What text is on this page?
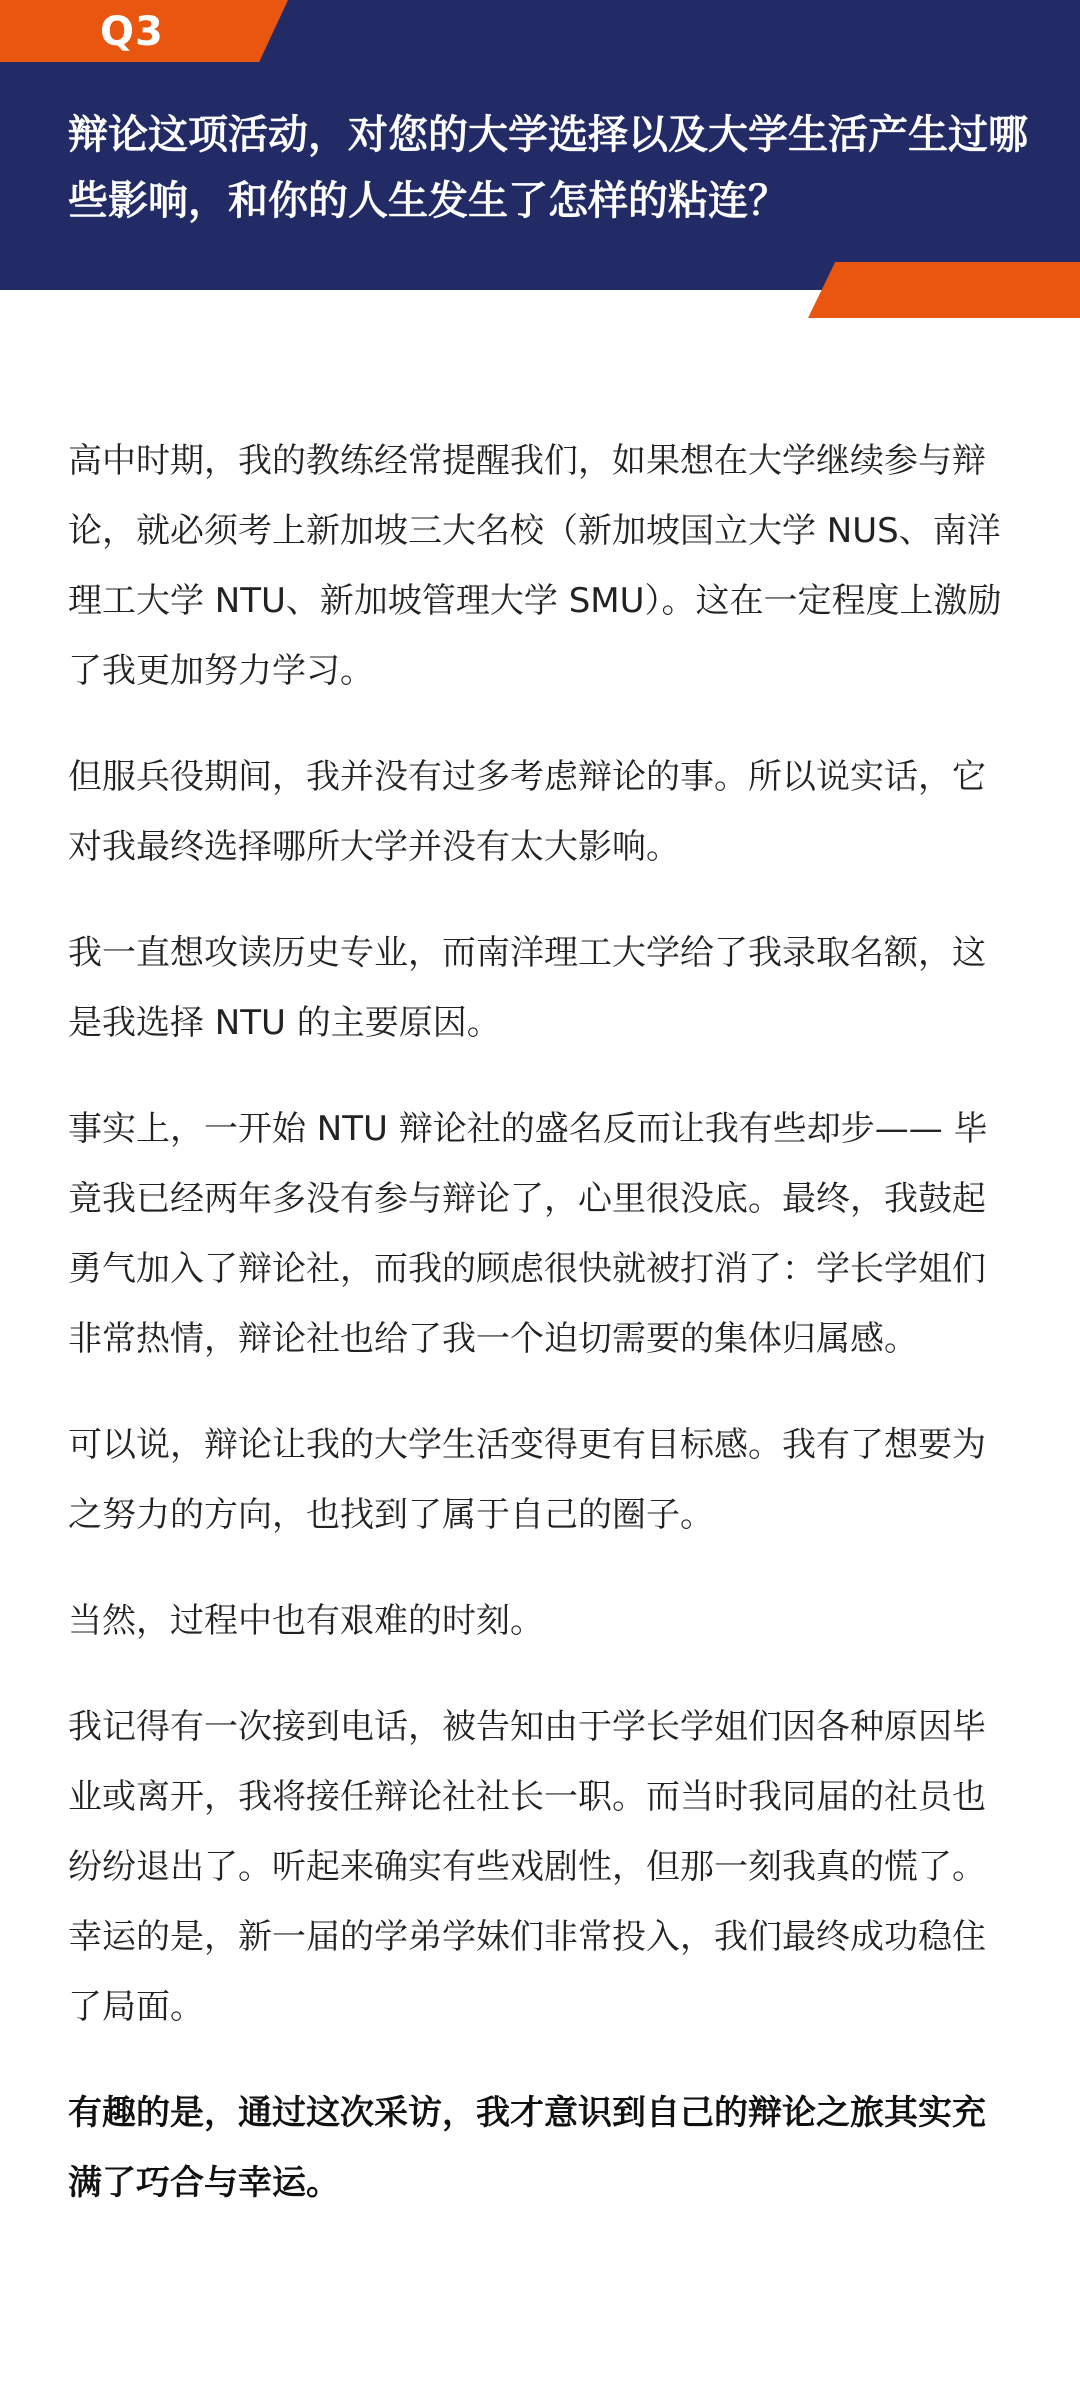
Q3
辩论这项活动，对您的大学选择以及大学生活产生过哪些影响，和你的人生发生了怎样的粘连？

高中时期，我的教练经常提醒我们，如果想在大学继续参与辩论，就必须考上新加坡三大名校（新加坡国立大学 NUS、南洋理工大学 NTU、新加坡管理大学 SMU）。这在一定程度上激励了我更加努力学习。

但服兵役期间，我并没有过多考虑辩论的事。所以说实话，它对我最终选择哪所大学并没有太大影响。

我一直想攻读历史专业，而南洋理工大学给了我录取名额，这是我选择 NTU 的主要原因。

事实上，一开始 NTU 辩论社的盛名反而让我有些却步—— 毕竟我已经两年多没有参与辩论了，心里很没底。最终，我鼓起勇气加入了辩论社，而我的顾虑很快就被打消了：学长学姐们非常热情，辩论社也给了我一个迫切需要的集体归属感。

可以说，辩论让我的大学生活变得更有目标感。我有了想要为之努力的方向，也找到了属于自己的圈子。

当然，过程中也有艰难的时刻。

我记得有一次接到电话，被告知由于学长学姐们因各种原因毕业或离开，我将接任辩论社社长一职。而当时我同届的社员也纷纷退出了。听起来确实有些戏剧性，但那一刻我真的慌了。幸运的是，新一届的学弟学妹们非常投入，我们最终成功稳住了局面。

有趣的是，通过这次采访，我才意识到自己的辩论之旅其实充满了巧合与幸运。
